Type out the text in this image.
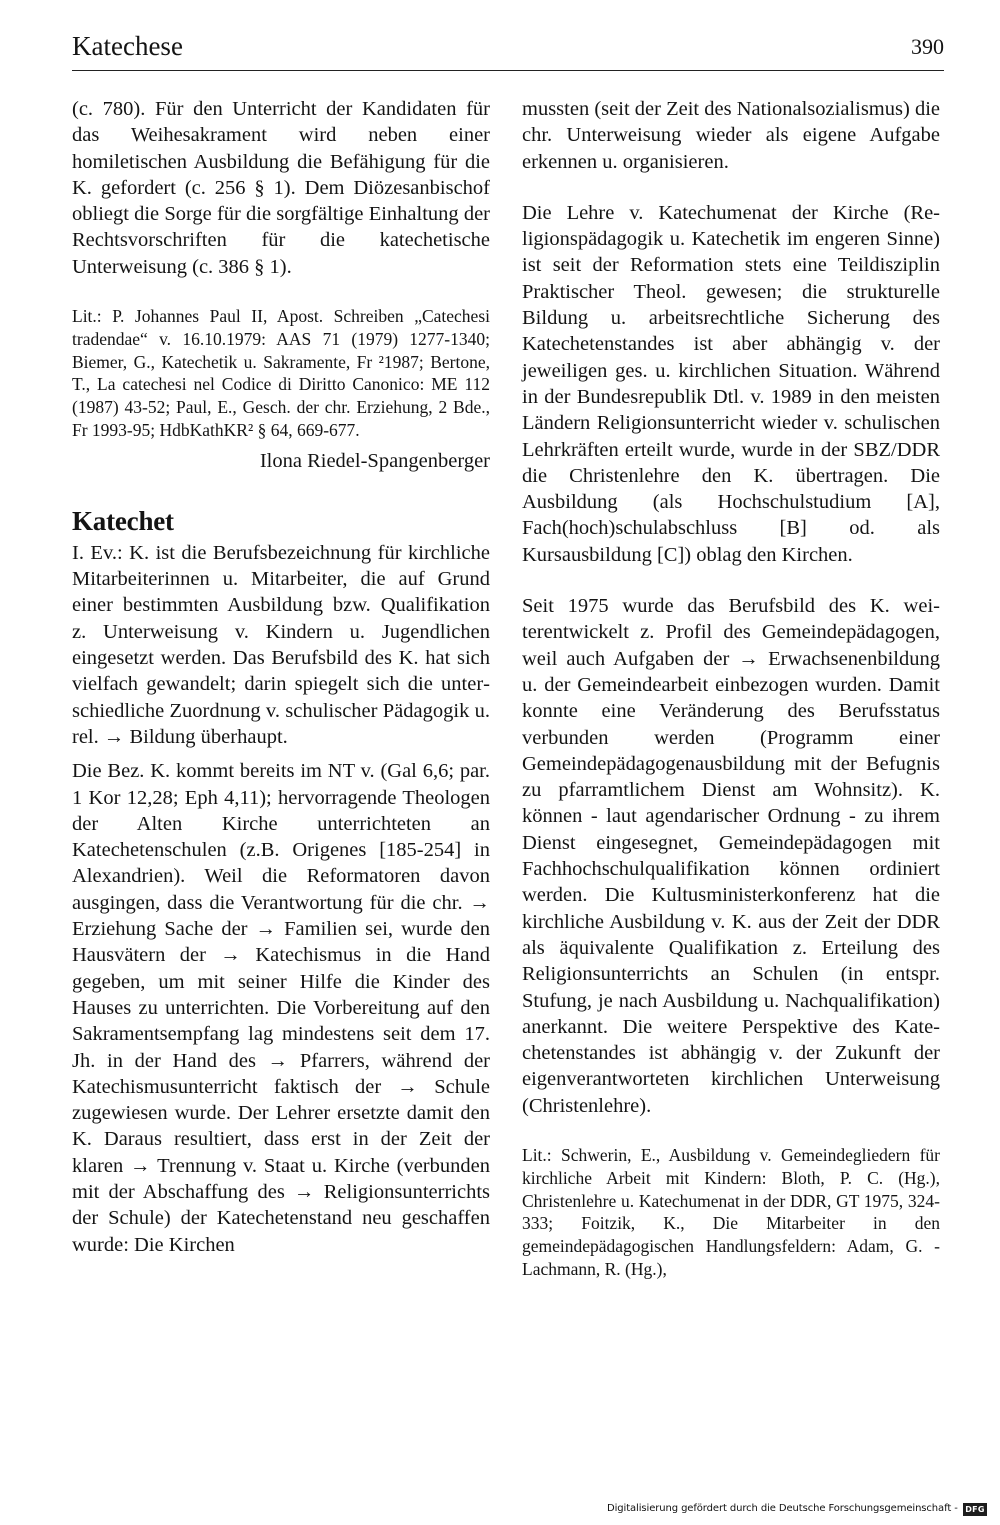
Katechese	390

(c. 780). Für den Unterricht der Kandidaten für das Weihesakrament wird neben einer homiletischen Ausbildung die Befähigung für die K. gefordert (c. 256 § 1). Dem Diözesanbischof obliegt die Sorge für die sorgfältige Einhaltung der Rechtsvorschriften für die katechetische Unterweisung (c. 386 § 1).

Lit.: P. Johannes Paul II, Apost. Schreiben „Catechesi tradendae“ v. 16.10.1979: AAS 71 (1979) 1277-1340; Biemer, G., Katechetik u. Sakramente, Fr ²1987; Bertone, T., La catechesi nel Codice di Diritto Canonico: ME 112 (1987) 43-52; Paul, E., Gesch. der chr. Erziehung, 2 Bde., Fr 1993-95; HdbKathKR² § 64, 669-677.

Ilona Riedel-Spangenberger
Katechet

I. Ev.: K. ist die Berufsbezeichnung für kirchliche Mitarbeiterinnen u. Mitarbeiter, die auf Grund einer bestimmten Ausbildung bzw. Qualifikation z. Unterweisung v. Kindern u. Jugendlichen eingesetzt werden. Das Berufsbild des K. hat sich vielfach gewandelt; darin spiegelt sich die unterschiedliche Zuordnung v. schulischer Pädagogik u. rel. → Bildung überhaupt.

Die Bez. K. kommt bereits im NT v. (Gal 6,6; par. 1 Kor 12,28; Eph 4,11); hervorragende Theologen der Alten Kirche unterrichteten an Katechetenschulen (z.B. Origenes [185-254] in Alexandrien). Weil die Reformatoren davon ausgingen, dass die Verantwortung für die chr. → Erziehung Sache der → Familien sei, wurde den Hausvätern der → Katechismus in die Hand gegeben, um mit seiner Hilfe die Kinder des Hauses zu unterrichten. Die Vorbereitung auf den Sakramentsempfang lag mindestens seit dem 17. Jh. in der Hand des → Pfarrers, während der Katechismusunterricht faktisch der → Schule zugewiesen wurde. Der Lehrer ersetzte damit den K. Daraus resultiert, dass erst in der Zeit der klaren → Trennung v. Staat u. Kirche (verbunden mit der Abschaffung des → Religionsunterrichts der Schule) der Katechetenstand neu geschaffen wurde: Die Kirchen

mussten (seit der Zeit des Nationalsozialismus) die chr. Unterweisung wieder als eigene Aufgabe erkennen u. organisieren.

Die Lehre v. Katechumenat der Kirche (Religionspädagogik u. Katechetik im engeren Sinne) ist seit der Reformation stets eine Teildisziplin Praktischer Theol. gewesen; die strukturelle Bildung u. arbeitsrechtliche Sicherung des Katechetenstandes ist aber abhängig v. der jeweiligen ges. u. kirchlichen Situation. Während in der Bundesrepublik Dtl. v. 1989 in den meisten Ländern Religionsunterricht wieder v. schulischen Lehrkräften erteilt wurde, wurde in der SBZ/DDR die Christenlehre den K. übertragen. Die Ausbildung (als Hochschulstudium [A], Fach(hoch)schulabschluss [B] od. als Kursausbildung [C]) oblag den Kirchen.

Seit 1975 wurde das Berufsbild des K. weiterentwickelt z. Profil des Gemeindepädagogen, weil auch Aufgaben der → Erwachsenenbildung u. der Gemeindearbeit einbezogen wurden. Damit konnte eine Veränderung des Berufsstatus verbunden werden (Programm einer Gemeindepädagogenausbildung mit der Befugnis zu pfarramtlichem Dienst am Wohnsitz). K. können - laut agendarischer Ordnung - zu ihrem Dienst eingesegnet, Gemeindepädagogen mit Fachhochschulqualifikation können ordiniert werden. Die Kultusministerkonferenz hat die kirchliche Ausbildung v. K. aus der Zeit der DDR als äquivalente Qualifikation z. Erteilung des Religionsunterrichts an Schulen (in entspr. Stufung, je nach Ausbildung u. Nachqualifikation) anerkannt. Die weitere Perspektive des Katechetenstandes ist abhängig v. der Zukunft der eigenverantworteten kirchlichen Unterweisung (Christenlehre).

Lit.: Schwerin, E., Ausbildung v. Gemeindegliedern für kirchliche Arbeit mit Kindern: Bloth, P. C. (Hg.), Christenlehre u. Katechumenat in der DDR, GT 1975, 324-333; Foitzik, K., Die Mitarbeiter in den gemeindepädagogischen Handlungsfeldern: Adam, G. - Lachmann, R. (Hg.),

Digitalisierung gefördert durch die Deutsche Forschungsgemeinschaft - DFG
